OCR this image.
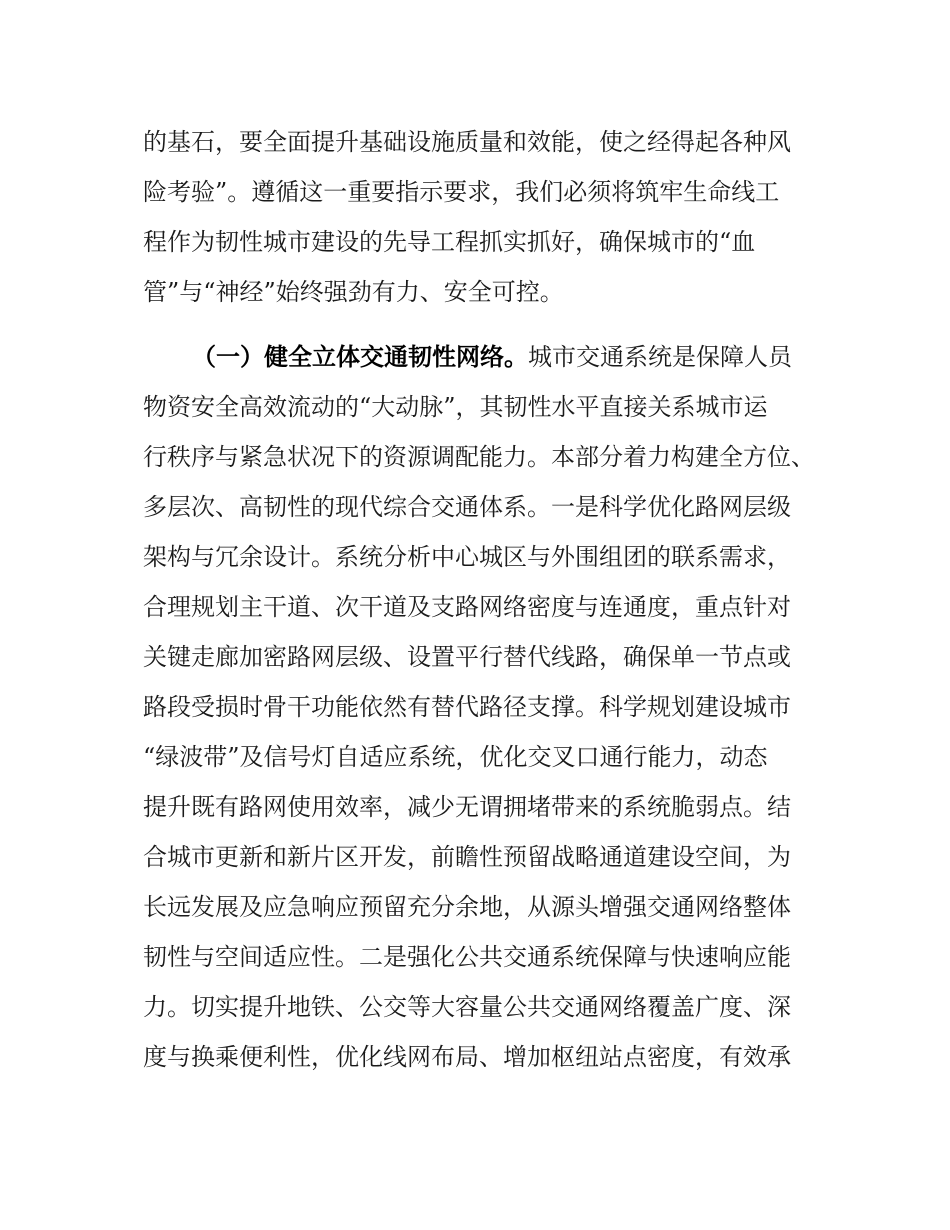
的基石，要全面提升基础设施质量和效能，使之经得起各种风
险考验”。遵循这一重要指示要求，我们必须将筑牢生命线工
程作为韧性城市建设的先导工程抓实抓好，确保城市的“血
管”与“神经”始终强劲有力、安全可控。
（一）健全立体交通韧性网络。城市交通系统是保障人员
物资安全高效流动的“大动脉”，其韧性水平直接关系城市运
行秩序与紧急状况下的资源调配能力。本部分着力构建全方位、
多层次、高韧性的现代综合交通体系。一是科学优化路网层级
架构与冗余设计。系统分析中心城区与外围组团的联系需求，
合理规划主干道、次干道及支路网络密度与连通度，重点针对
关键走廊加密路网层级、设置平行替代线路，确保单一节点或
路段受损时骨干功能依然有替代路径支撑。科学规划建设城市
“绿波带”及信号灯自适应系统，优化交叉口通行能力，动态
提升既有路网使用效率，减少无谓拥堵带来的系统脆弱点。结
合城市更新和新片区开发，前瞻性预留战略通道建设空间，为
长远发展及应急响应预留充分余地，从源头增强交通网络整体
韧性与空间适应性。二是强化公共交通系统保障与快速响应能
力。切实提升地铁、公交等大容量公共交通网络覆盖广度、深
度与换乘便利性，优化线网布局、增加枢纽站点密度，有效承
